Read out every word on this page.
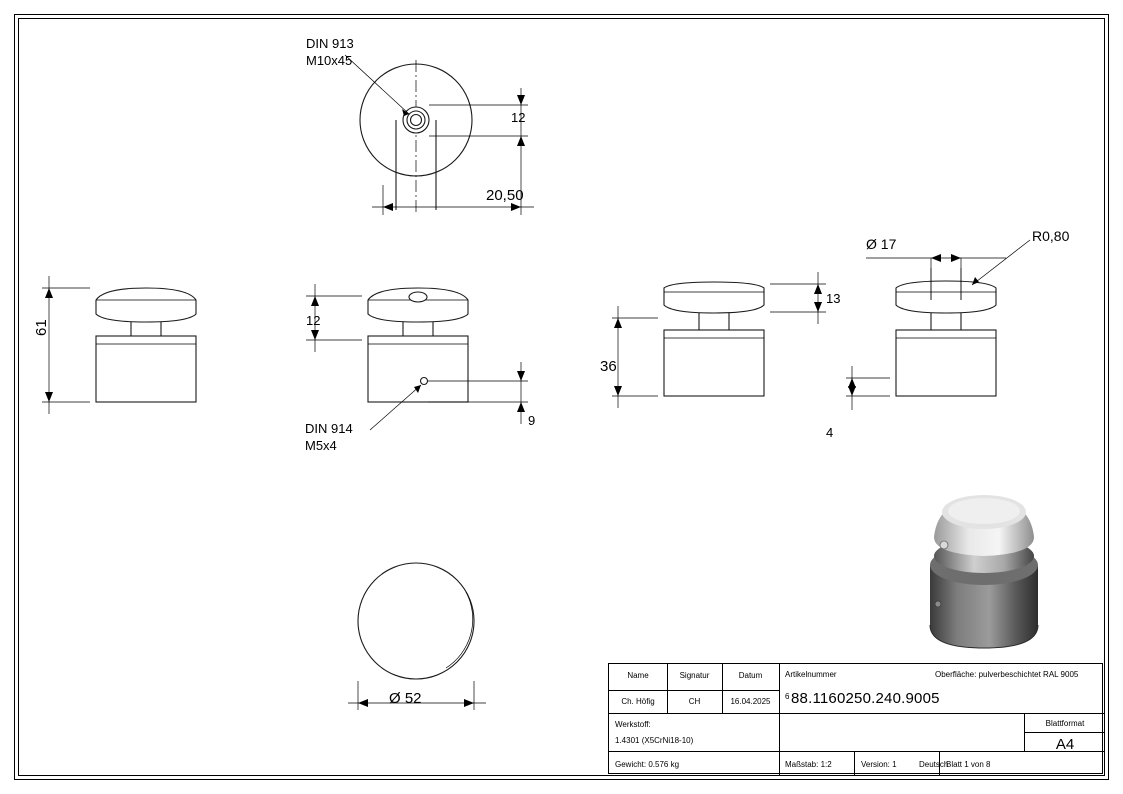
DIN 913
M10x45
12
20,50
61	12
DIN 914
M5x4
9
13
36
Ø 17	R0,80
4
Ø 52
Name	Signatur	Datum	Artikelnummer	Oberfläche: pulverbeschichtet RAL 9005
Ch. Höfig	CH	16.04.2025
6 88.1160250.240.9005
Werkstoff:
1.4301 (X5CrNi18-10)
Blattformat
A4
Gewicht: 0.576 kg	Maßstab: 1:2	Version: 1	Deutsch
Blatt 1 von 8
